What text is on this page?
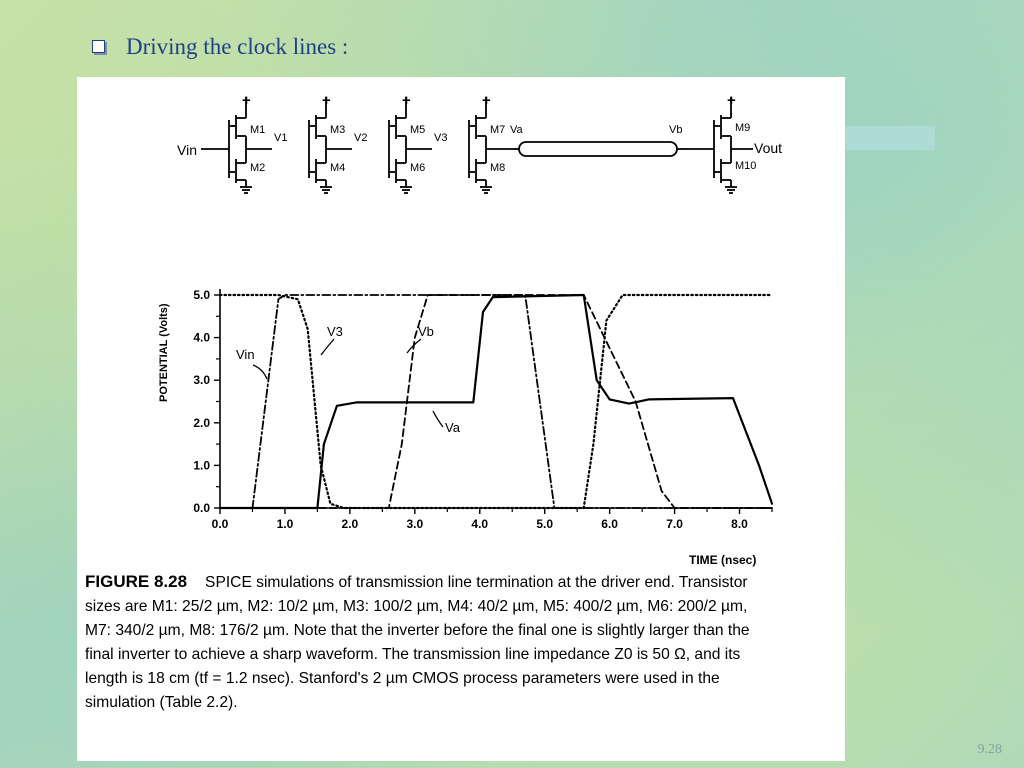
Driving the clock lines :
Vin
+	+	+	+	+
M1
M2
M3
M4
M5
M6
M7
M8
M9
M10
V1	V2	V3
Va	Vb
Vout
POTENTIAL (Volts)
TIME (nsec)
0.0	1.0	2.0	3.0	4.0	5.0	6.0	7.0	8.0
0.0
1.0
2.0
3.0
4.0
5.0
Vin
V3	Vb
Va
FIGURE 8.28 SPICE simulations of transmission line termination at the driver end. Transistor sizes are M1: 25/2 µm, M2: 10/2 µm, M3: 100/2 µm, M4: 40/2 µm, M5: 400/2 µm, M6: 200/2 µm, M7: 340/2 µm, M8: 176/2 µm. Note that the inverter before the final one is slightly larger than the final inverter to achieve a sharp waveform. The transmission line impedance Z0 is 50 Ω, and its length is 18 cm (tf = 1.2 nsec). Stanford's 2 µm CMOS process parameters were used in the simulation (Table 2.2).
9.28
